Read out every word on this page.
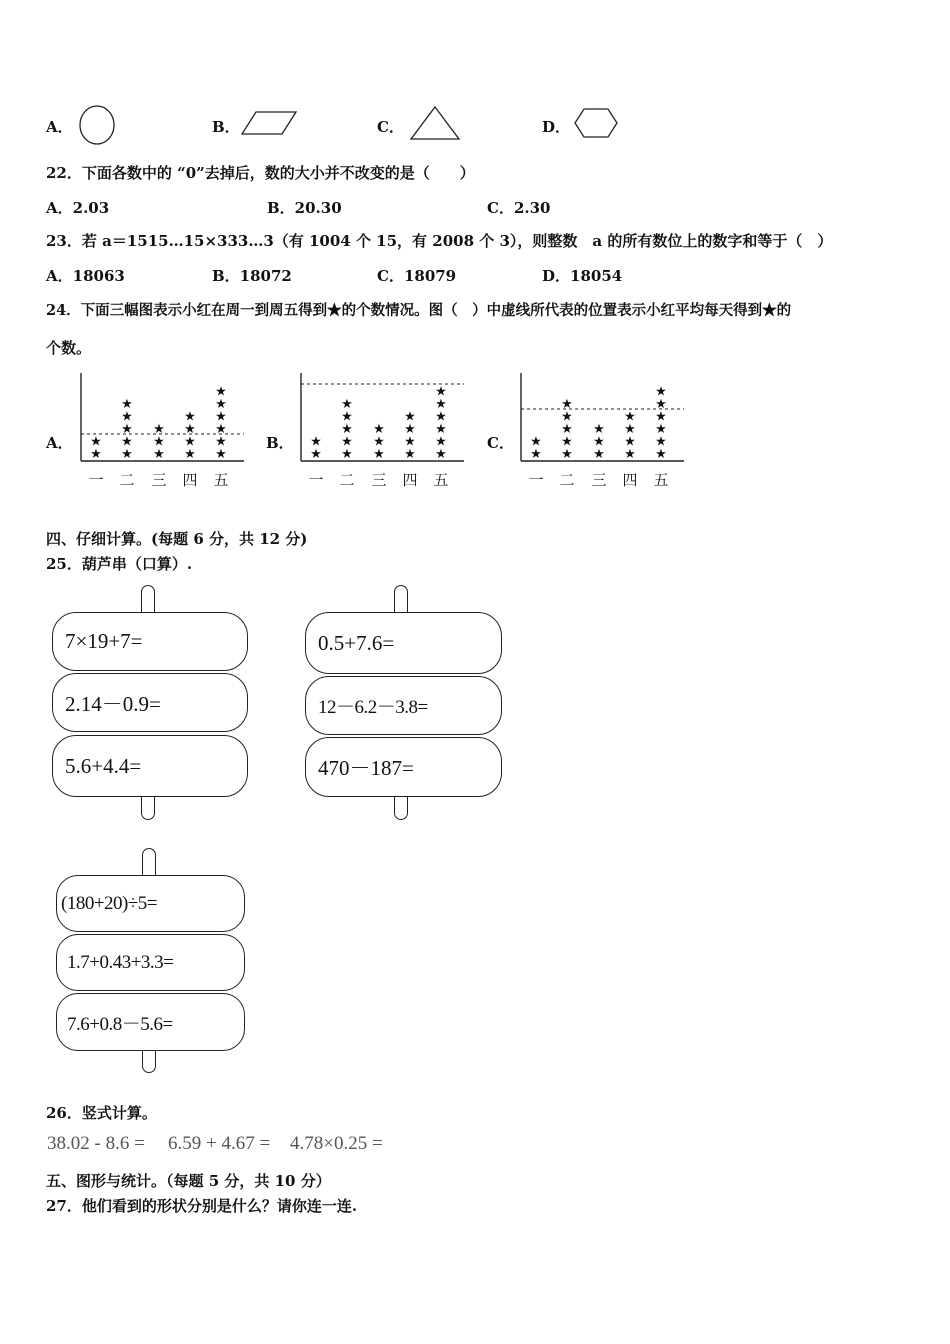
A．	B．	C．	D．
22．下面各数中的 “0”去掉后，数的大小并不改变的是（　　）
A．2.03	B．20.30	C．2.30
23．若 a＝1515…15×333…3（有 1004 个 15，有 2008 个 3），则整数　a 的所有数位上的数字和等于（　）
A．18063	B．18072	C．18079	D．18054
24．下面三幅图表示小红在周一到周五得到★的个数情况。图（　）中虚线所代表的位置表示小红平均每天得到★的
个数。
A．	B．	C．
★
★
一
★
★
★
★
★
二
★
★
★
三
★
★
★
★
四
★
★
★
★
★
★
五
★
★
一
★
★
★
★
★
二
★
★
★
三
★
★
★
★
四
★
★
★
★
★
★
五
★
★
一
★
★
★
★
★
二
★
★
★
三
★
★
★
★
四
★
★
★
★
★
★
五
四、仔细计算。(每题 6 分，共 12 分)
25．葫芦串（口算）.
7×19+7=
2.14－0.9=
5.6+4.4=
0.5+7.6=
12－6.2－3.8=
470－187=
(180+20)÷5=
1.7+0.43+3.3=
7.6+0.8－5.6=
26．竖式计算。
38.02 - 8.6 = 6.59 + 4.67 = 4.78×0.25 =
五、图形与统计。（每题 5 分，共 10 分）
27．他们看到的形状分别是什么？请你连一连.
